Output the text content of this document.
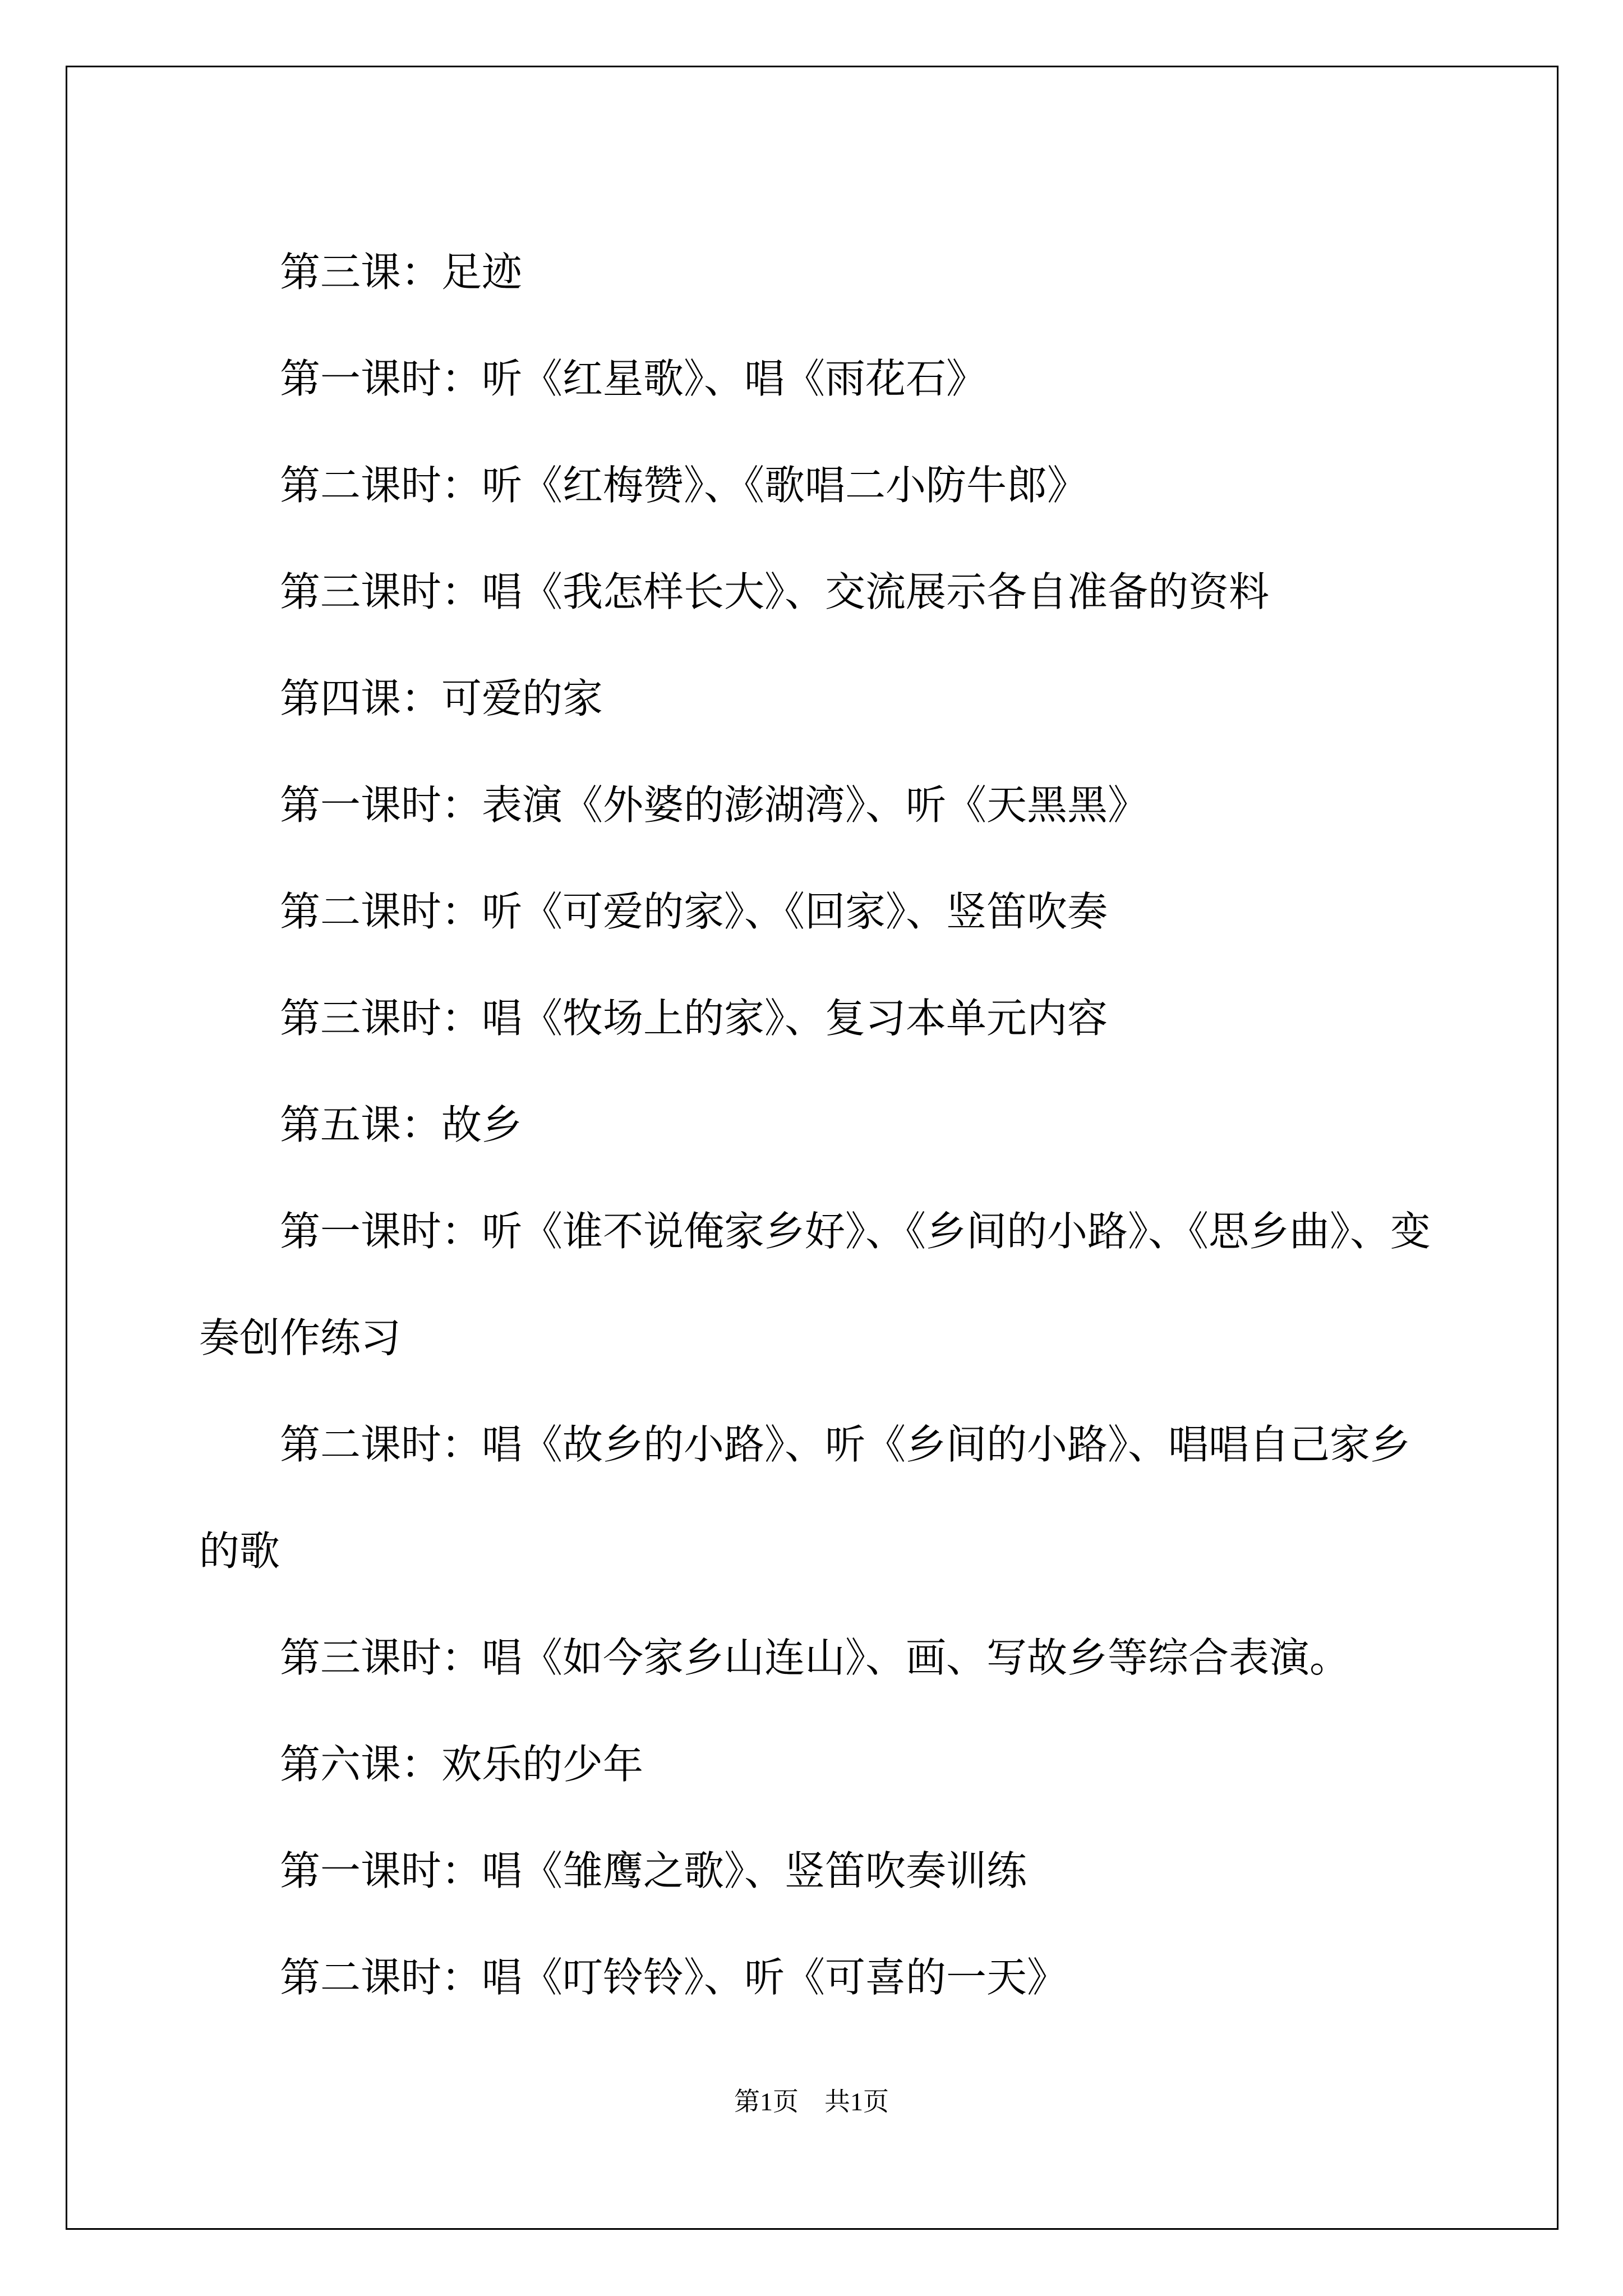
第三课：足迹

第一课时：听《红星歌》、唱《雨花石》

第二课时：听《红梅赞》、《歌唱二小防牛郎》

第三课时：唱《我怎样长大》、交流展示各自准备的资料

第四课：可爱的家

第一课时：表演《外婆的澎湖湾》、听《天黑黑》

第二课时：听《可爱的家》、《回家》、竖笛吹奏

第三课时：唱《牧场上的家》、复习本单元内容

第五课：故乡

第一课时：听《谁不说俺家乡好》、《乡间的小路》、《思乡曲》、变奏创作练习

第二课时：唱《故乡的小路》、听《乡间的小路》、唱唱自己家乡的歌

第三课时：唱《如今家乡山连山》、画、写故乡等综合表演。

第六课：欢乐的少年

第一课时：唱《雏鹰之歌》、竖笛吹奏训练

第二课时：唱《叮铃铃》、听《可喜的一天》

第1页　共1页
